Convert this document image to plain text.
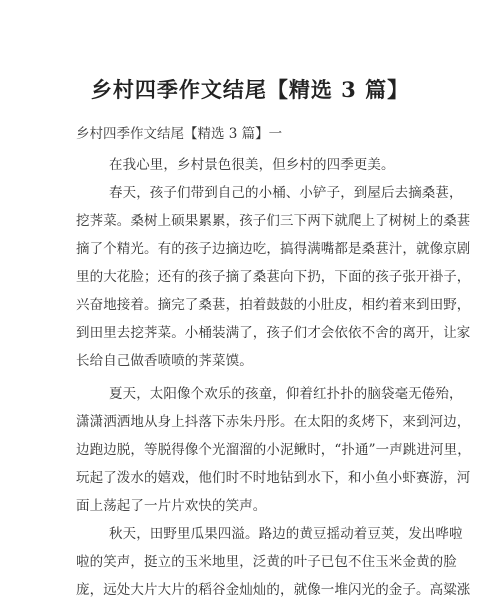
乡村四季作文结尾【精选 3 篇】
乡村四季作文结尾【精选 3 篇】一
在我心里，乡村景色很美，但乡村的四季更美。
春天，孩子们带到自己的小桶、小铲子，到屋后去摘桑葚，
挖荠菜。桑树上硕果累累，孩子们三下两下就爬上了树树上的桑葚
摘了个精光。有的孩子边摘边吃，搞得满嘴都是桑葚汁，就像京剧
里的大花脸；还有的孩子摘了桑葚向下扔，下面的孩子张开褂子，
兴奋地接着。摘完了桑葚，拍着鼓鼓的小肚皮，相约着来到田野，
到田里去挖荠菜。小桶装满了，孩子们才会依依不舍的离开，让家
长给自己做香喷喷的荠菜馍。
夏天，太阳像个欢乐的孩童，仰着红扑扑的脑袋毫无倦殆，
潇潇洒洒地从身上抖落下赤朱丹彤。在太阳的炙烤下，来到河边，
边跑边脱，等脱得像个光溜溜的小泥鳅时，“扑通”一声跳进河里，
玩起了泼水的嬉戏，他们时不时地钻到水下，和小鱼小虾赛游，河
面上荡起了一片片欢快的笑声。
秋天，田野里瓜果四溢。路边的黄豆摇动着豆荚，发出哗啦
啦的笑声，挺立的玉米地里，泛黄的叶子已包不住玉米金黄的脸
庞，远处大片大片的稻谷金灿灿的，就像一堆闪光的金子。高粱涨
